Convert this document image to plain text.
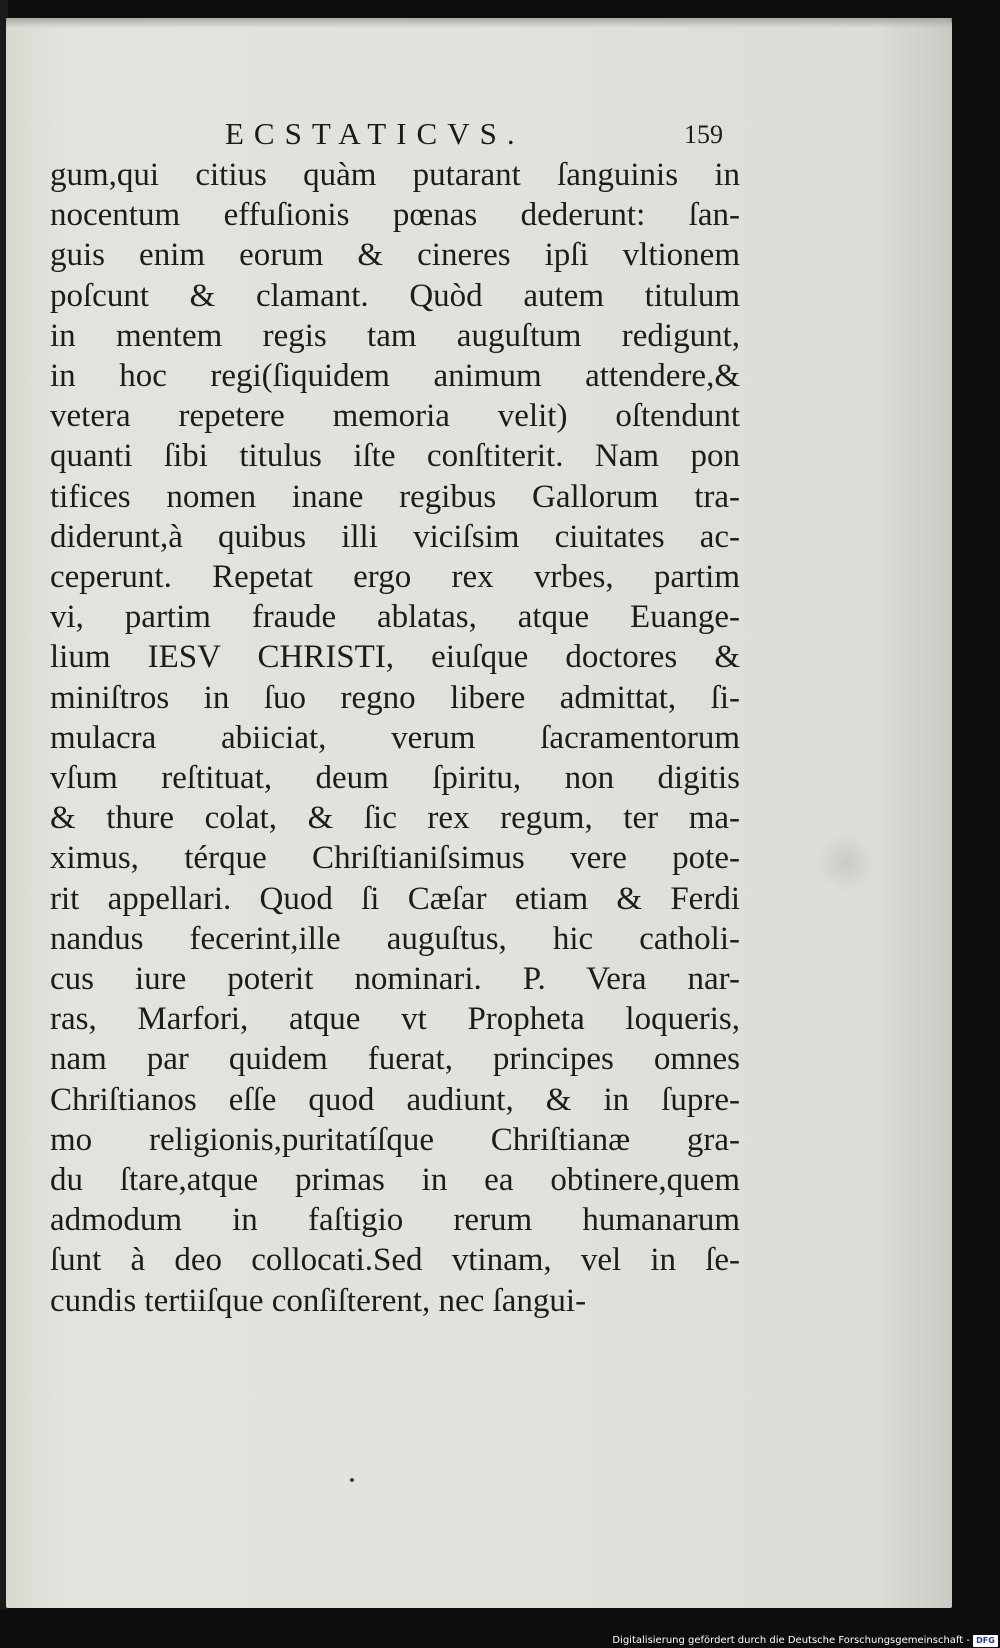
ECSTATICVS.	159
gum,qui citius quàm putarant ſanguinis in
nocentum effuſionis pœnas dederunt: ſan-
guis enim eorum & cineres ipſi vltionem
poſcunt & clamant. Quòd autem titulum
in mentem regis tam auguſtum redigunt,
in hoc regi(ſiquidem animum attendere,&
vetera repetere memoria velit) oſtendunt
quanti ſibi titulus iſte conſtiterit. Nam pon
tifices nomen inane regibus Gallorum tra-
diderunt,à quibus illi viciſsim ciuitates ac-
ceperunt. Repetat ergo rex vrbes, partim
vi, partim fraude ablatas, atque Euange-
lium IESV CHRISTI, eiuſque doctores &
miniſtros in ſuo regno libere admittat, ſi-
mulacra abiiciat, verum ſacramentorum
vſum reſtituat, deum ſpiritu, non digitis
& thure colat, & ſic rex regum, ter ma-
ximus, térque Chriſtianiſsimus vere pote-
rit appellari. Quod ſi Cæſar etiam & Ferdi
nandus fecerint,ille auguſtus, hic catholi-
cus iure poterit nominari. P. Vera nar-
ras, Marfori, atque vt Propheta loqueris,
nam par quidem fuerat, principes omnes
Chriſtianos eſſe quod audiunt, & in ſupre-
mo religionis,puritatíſque Chriſtianæ gra-
du ſtare,atque primas in ea obtinere,quem
admodum in faſtigio rerum humanarum
ſunt à deo collocati.Sed vtinam, vel in ſe-
cundis tertiiſque conſiſterent, nec ſangui-
Digitalisierung gefördert durch die Deutsche Forschungsgemeinschaft - DFG
